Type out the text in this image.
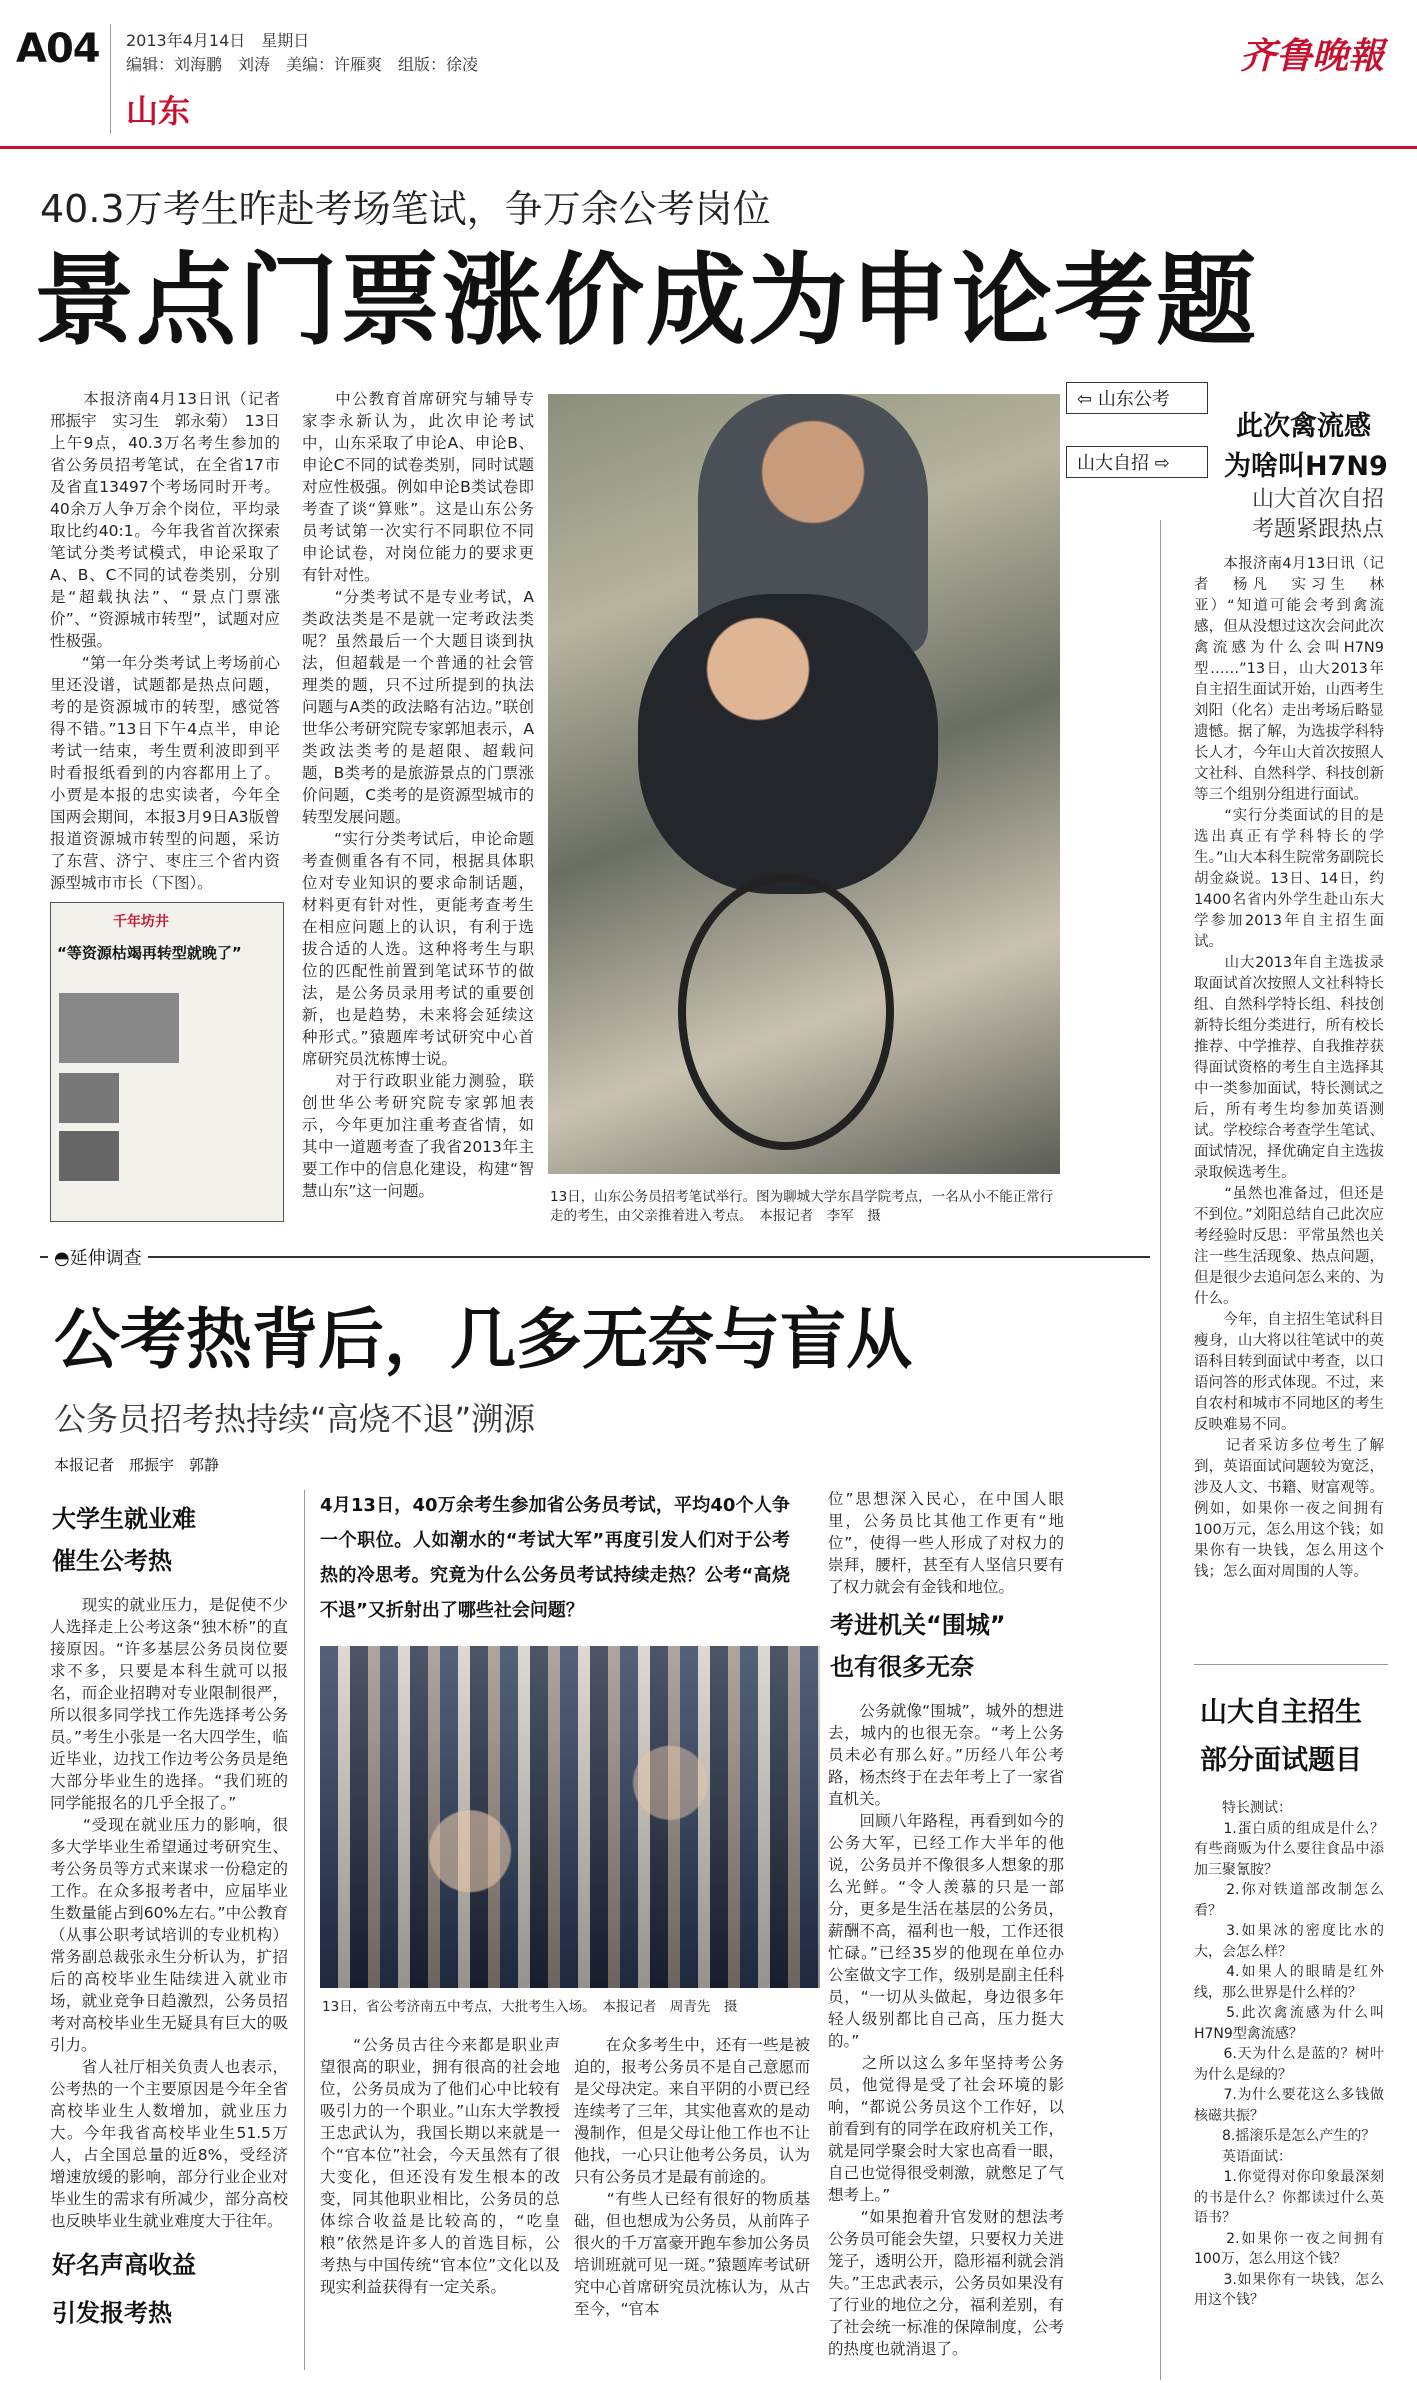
A04 2013年4月14日　星期日
编辑：刘海鹏　刘涛　美编：许雁爽　组版：徐凌
山东
齐鲁晚報
40.3万考生昨赴考场笔试，争万余公考岗位
景点门票涨价成为申论考题
　　本报济南4月13日讯（记者　邢振宇　实习生　郭永菊）　13日上午9点，40.3万名考生参加的省公务员招考笔试，在全省17市及省直13497个考场同时开考。40余万人争万余个岗位，平均录取比约40:1。今年我省首次探索笔试分类考试模式，申论采取了A、B、C不同的试卷类别，分别是“超载执法”、“景点门票涨价”、“资源城市转型”，试题对应性极强。
　　“第一年分类考试上考场前心里还没谱，试题都是热点问题，考的是资源城市的转型，感觉答得不错。”13日下午4点半，申论考试一结束，考生贾利波即到平时看报纸看到的内容都用上了。小贾是本报的忠实读者，今年全国两会期间，本报3月9日A3版曾报道资源城市转型的问题，采访了东营、济宁、枣庄三个省内资源型城市市长（下图）。
千年坊井
“等资源枯竭再转型就晚了”
　　中公教育首席研究与辅导专家李永新认为，此次申论考试中，山东采取了申论A、申论B、申论C不同的试卷类别，同时试题对应性极强。例如申论B类试卷即考查了谈“算账”。这是山东公务员考试第一次实行不同职位不同申论试卷，对岗位能力的要求更有针对性。
　　“分类考试不是专业考试，A类政法类是不是就一定考政法类呢？虽然最后一个大题目谈到执法，但超载是一个普通的社会管理类的题，只不过所提到的执法问题与A类的政法略有沾边。”联创世华公考研究院专家郭旭表示，A类政法类考的是超限、超载问题，B类考的是旅游景点的门票涨价问题，C类考的是资源型城市的转型发展问题。
　　“实行分类考试后，申论命题考查侧重各有不同，根据具体职位对专业知识的要求命制话题，材料更有针对性，更能考查考生在相应问题上的认识，有利于选拔合适的人选。这种将考生与职位的匹配性前置到笔试环节的做法，是公务员录用考试的重要创新，也是趋势，未来将会延续这种形式。”猿题库考试研究中心首席研究员沈栋博士说。
　　对于行政职业能力测验，联创世华公考研究院专家郭旭表示，今年更加注重考查省情，如其中一道题考查了我省2013年主要工作中的信息化建设，构建“智慧山东”这一问题。	13日，山东公务员招考笔试举行。图为聊城大学东昌学院考点，一名从小不能正常行走的考生，由父亲推着进入考点。　本报记者　李军　摄
⇦ 山东公考
山大自招 ⇨
此次禽流感
为啥叫H7N9
山大首次自招
考题紧跟热点
　　本报济南4月13日讯（记者　杨凡　实习生　林亚）“知道可能会考到禽流感，但从没想过这次会问此次禽流感为什么会叫H7N9型……”13日，山大2013年自主招生面试开始，山西考生刘阳（化名）走出考场后略显遗憾。据了解，为选拔学科特长人才，今年山大首次按照人文社科、自然科学、科技创新等三个组别分组进行面试。
　　“实行分类面试的目的是选出真正有学科特长的学生。”山大本科生院常务副院长胡金焱说。13日、14日，约1400名省内外学生赴山东大学参加2013年自主招生面试。
　　山大2013年自主选拔录取面试首次按照人文社科特长组、自然科学特长组、科技创新特长组分类进行，所有校长推荐、中学推荐、自我推荐获得面试资格的考生自主选择其中一类参加面试，特长测试之后，所有考生均参加英语测试。学校综合考查学生笔试、面试情况，择优确定自主选拔录取候选考生。
　　“虽然也准备过，但还是不到位。”刘阳总结自己此次应考经验时反思：平常虽然也关注一些生活现象、热点问题，但是很少去追问怎么来的、为什么。
　　今年，自主招生笔试科目瘦身，山大将以往笔试中的英语科目转到面试中考查，以口语问答的形式体现。不过，来自农村和城市不同地区的考生反映难易不同。
　　记者采访多位考生了解到，英语面试问题较为宽泛，涉及人文、书籍、财富观等。例如，如果你一夜之间拥有100万元，怎么用这个钱；如果你有一块钱，怎么用这个钱；怎么面对周围的人等。
山大自主招生
部分面试题目
　　特长测试：
　　1.蛋白质的组成是什么？有些商贩为什么要往食品中添加三聚氰胺？
　　2.你对铁道部改制怎么看？
　　3.如果冰的密度比水的大，会怎么样？
　　4.如果人的眼睛是红外线，那么世界是什么样的？
　　5.此次禽流感为什么叫H7N9型禽流感？
　　6.天为什么是蓝的？树叶为什么是绿的？
　　7.为什么要花这么多钱做核磁共振？
　　8.摇滚乐是怎么产生的？
　　英语面试：
　　1.你觉得对你印象最深刻的书是什么？你都读过什么英语书？
　　2.如果你一夜之间拥有100万，怎么用这个钱？
　　3.如果你有一块钱，怎么用这个钱？
◓延伸调查
公考热背后，几多无奈与盲从
公务员招考热持续“高烧不退”溯源
本报记者　邢振宇　郭静
大学生就业难
催生公考热
　　现实的就业压力，是促使不少人选择走上公考这条“独木桥”的直接原因。“许多基层公务员岗位要求不多，只要是本科生就可以报名，而企业招聘对专业限制很严，所以很多同学找工作先选择考公务员。”考生小张是一名大四学生，临近毕业，边找工作边考公务员是绝大部分毕业生的选择。“我们班的同学能报名的几乎全报了。”
　　“受现在就业压力的影响，很多大学毕业生希望通过考研究生、考公务员等方式来谋求一份稳定的工作。在众多报考者中，应届毕业生数量能占到60%左右。”中公教育（从事公职考试培训的专业机构）常务副总裁张永生分析认为，扩招后的高校毕业生陆续进入就业市场，就业竞争日趋激烈，公务员招考对高校毕业生无疑具有巨大的吸引力。
　　省人社厅相关负责人也表示，公考热的一个主要原因是今年全省高校毕业生人数增加，就业压力大。今年我省高校毕业生51.5万人，占全国总量的近8%，受经济增速放缓的影响，部分行业企业对毕业生的需求有所减少，部分高校也反映毕业生就业难度大于往年。
好名声高收益
引发报考热
4月13日，40万余考生参加省公务员考试，平均40个人争一个职位。人如潮水的“考试大军”再度引发人们对于公考热的冷思考。究竟为什么公务员考试持续走热？公考“高烧不退”又折射出了哪些社会问题？
13日，省公考济南五中考点，大批考生入场。　本报记者　周青先　摄
　　“公务员古往今来都是职业声望很高的职业，拥有很高的社会地位，公务员成为了他们心中比较有吸引力的一个职业。”山东大学教授王忠武认为，我国长期以来就是一个“官本位”社会，今天虽然有了很大变化，但还没有发生根本的改变，同其他职业相比，公务员的总体综合收益是比较高的，“吃皇粮”依然是许多人的首选目标，公考热与中国传统“官本位”文化以及现实利益获得有一定关系。
　　在众多考生中，还有一些是被迫的，报考公务员不是自己意愿而是父母决定。来自平阴的小贾已经连续考了三年，其实他喜欢的是动漫制作，但是父母让他工作也不让他找，一心只让他考公务员，认为只有公务员才是最有前途的。
　　“有些人已经有很好的物质基础，但也想成为公务员，从前阵子很火的千万富豪开跑车参加公务员培训班就可见一斑。”猿题库考试研究中心首席研究员沈栋认为，从古至今，“官本
位”思想深入民心，在中国人眼里，公务员比其他工作更有“地位”，使得一些人形成了对权力的崇拜，腰杆，甚至有人坚信只要有了权力就会有金钱和地位。
考进机关“围城”
也有很多无奈
　　公务就像“围城”，城外的想进去，城内的也很无奈。“考上公务员未必有那么好。”历经八年公考路，杨杰终于在去年考上了一家省直机关。
　　回顾八年路程，再看到如今的公务大军，已经工作大半年的他说，公务员并不像很多人想象的那么光鲜。“令人羡慕的只是一部分，更多是生活在基层的公务员，薪酬不高，福利也一般，工作还很忙碌。”已经35岁的他现在单位办公室做文字工作，级别是副主任科员，“一切从头做起，身边很多年轻人级别都比自己高，压力挺大的。”
　　之所以这么多年坚持考公务员，他觉得是受了社会环境的影响，“都说公务员这个工作好，以前看到有的同学在政府机关工作，就是同学聚会时大家也高看一眼，自己也觉得很受刺激，就憋足了气想考上。”
　　“如果抱着升官发财的想法考公务员可能会失望，只要权力关进笼子，透明公开，隐形福利就会消失。”王忠武表示，公务员如果没有了行业的地位之分，福利差别，有了社会统一标准的保障制度，公考的热度也就消退了。
